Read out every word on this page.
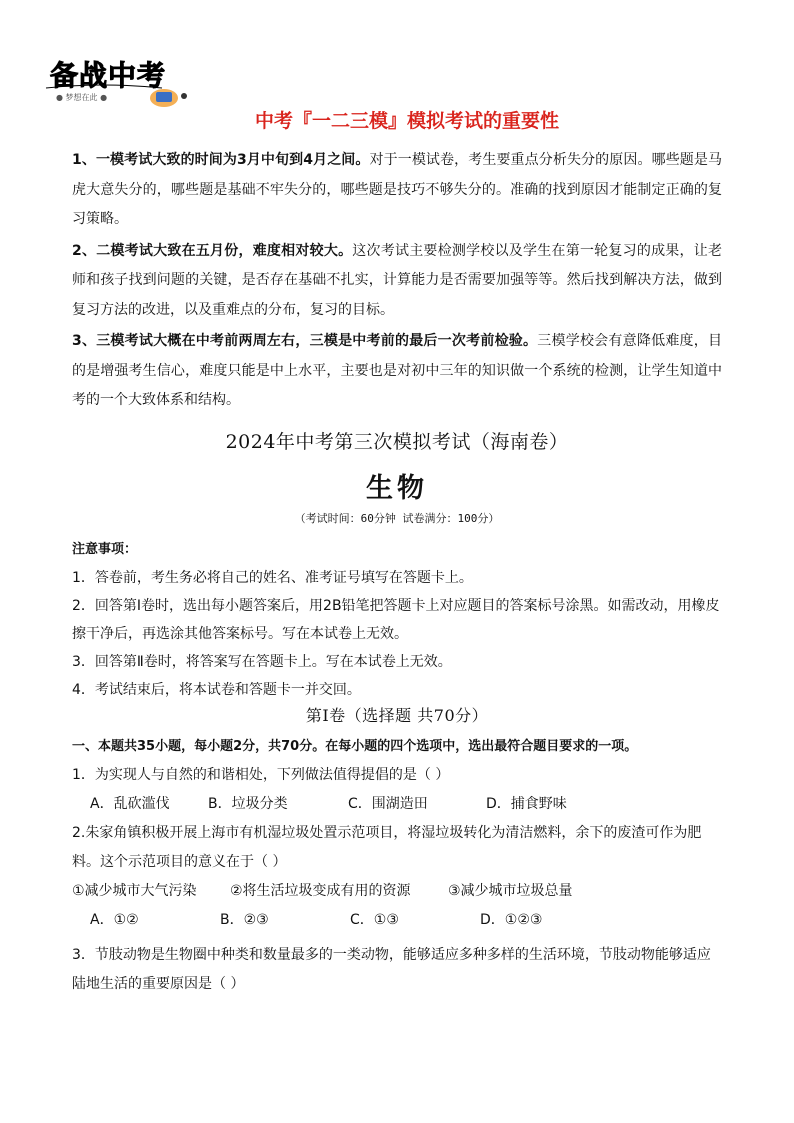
备战中考
● 梦想在此 ●
中考『一二三模』模拟考试的重要性

1、一模考试大致的时间为3月中旬到4月之间。对于一模试卷，考生要重点分析失分的原因。哪些题是马虎大意失分的，哪些题是基础不牢失分的，哪些题是技巧不够失分的。准确的找到原因才能制定正确的复习策略。

2、二模考试大致在五月份，难度相对较大。这次考试主要检测学校以及学生在第一轮复习的成果，让老师和孩子找到问题的关键，是否存在基础不扎实，计算能力是否需要加强等等。然后找到解决方法，做到复习方法的改进，以及重难点的分布，复习的目标。

3、三模考试大概在中考前两周左右，三模是中考前的最后一次考前检验。三模学校会有意降低难度，目的是增强考生信心，难度只能是中上水平，主要也是对初中三年的知识做一个系统的检测，让学生知道中考的一个大致体系和结构。

2024年中考第三次模拟考试（海南卷）
生物
（考试时间：60分钟 试卷满分：100分）

注意事项：

1．答卷前，考生务必将自己的姓名、准考证号填写在答题卡上。

2．回答第Ⅰ卷时，选出每小题答案后，用2B铅笔把答题卡上对应题目的答案标号涂黑。如需改动，用橡皮擦干净后，再选涂其他答案标号。写在本试卷上无效。

3．回答第Ⅱ卷时，将答案写在答题卡上。写在本试卷上无效。

4．考试结束后，将本试卷和答题卡一并交回。

第Ⅰ卷（选择题 共70分）

一、本题共35小题，每小题2分，共70分。在每小题的四个选项中，选出最符合题目要求的一项。

1．为实现人与自然的和谐相处，下列做法值得提倡的是（ ）

A．乱砍滥伐	B．垃圾分类	C．围湖造田	D．捕食野味

2.朱家角镇积极开展上海市有机湿垃圾处置示范项目，将湿垃圾转化为清洁燃料，余下的废渣可作为肥料。这个示范项目的意义在于（ ）

①减少城市大气污染	②将生活垃圾变成有用的资源	③减少城市垃圾总量
A．①②	B．②③	C．①③	D．①②③

3．节肢动物是生物圈中种类和数量最多的一类动物，能够适应多种多样的生活环境，节肢动物能够适应陆地生活的重要原因是（ ）
